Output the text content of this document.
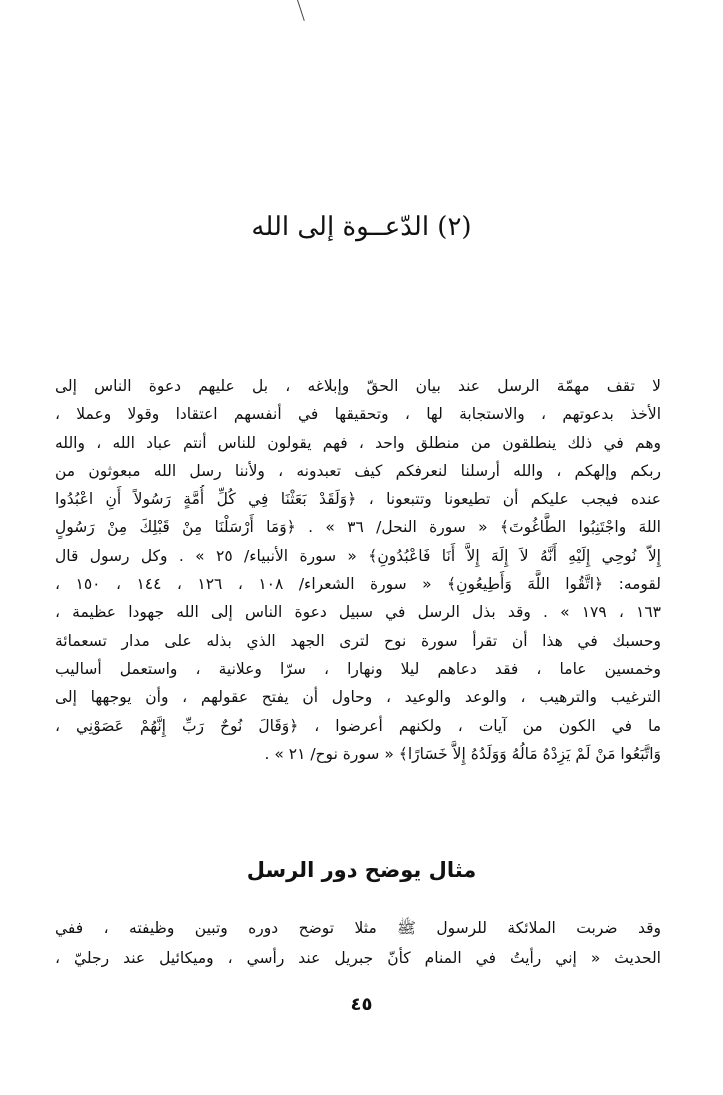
(٢) الدّعــوة إلى الله
لا تقف مهمّة الرسل عند بيان الحقّ وإبلاغه ، بل عليهم دعوة الناس إلى
الأخذ بدعوتهم ، والاستجابة لها ، وتحقيقها في أنفسهم اعتقادا وقولا وعملا ،
وهم في ذلك ينطلقون من منطلق واحد ، فهم يقولون للناس أنتم عباد الله ، والله
ربكم وإلهكم ، والله أرسلنا لنعرفكم كيف تعبدونه ، ولأننا رسل الله مبعوثون من
عنده فيجب عليكم أن تطيعونا وتتبعونا ، ﴿وَلَقَدْ بَعَثْنَا فِي كُلِّ أُمَّةٍ رَسُولاً أَنِ اعْبُدُوا
اللهَ واجْتَنِبُوا الطَّاغُوتَ﴾ « سورة النحل/ ٣٦ » . ﴿وَمَا أَرْسَلْنَا مِنْ قَبْلِكَ مِنْ رَسُولٍ
إِلاّ نُوحِي إِلَيْهِ أَنَّهُ لاَ إِلَهَ إِلاَّ أَنَا فَاعْبُدُونِ﴾ « سورة الأنبياء/ ٢٥ » . وكل رسول قال
لقومه: ﴿اتَّقُوا اللَّهَ وَأَطِيعُونِ﴾ « سورة الشعراء/ ١٠٨ ، ١٢٦ ، ١٤٤ ، ١٥٠ ،
١٦٣ ، ١٧٩ » . وقد بذل الرسل في سبيل دعوة الناس إلى الله جهودا عظيمة ،
وحسبك في هذا أن تقرأ سورة نوح لترى الجهد الذي بذله على مدار تسعمائة
وخمسين عاما ، فقد دعاهم ليلا ونهارا ، سرّا وعلانية ، واستعمل أساليب
الترغيب والترهيب ، والوعد والوعيد ، وحاول أن يفتح عقولهم ، وأن يوجهها إلى
ما في الكون من آيات ، ولكنهم أعرضوا ، ﴿وَقَالَ نُوحٌ رَبِّ إِنَّهُمْ عَصَوْنِي ،
وَاتَّبَعُوا مَنْ لَمْ يَزِدْهُ مَالُهُ وَوَلَدُهُ إِلاَّ خَسَارًا﴾ « سورة نوح/ ٢١ » .
مثال يوضح دور الرسل
وقد ضربت الملائكة للرسول ﷺ مثلا توضح دوره وتبين وظيفته ، ففي
الحديث « إني رأيتُ في المنام كأنّ جبريل عند رأسي ، وميكائيل عند رجليّ ،
٤٥
